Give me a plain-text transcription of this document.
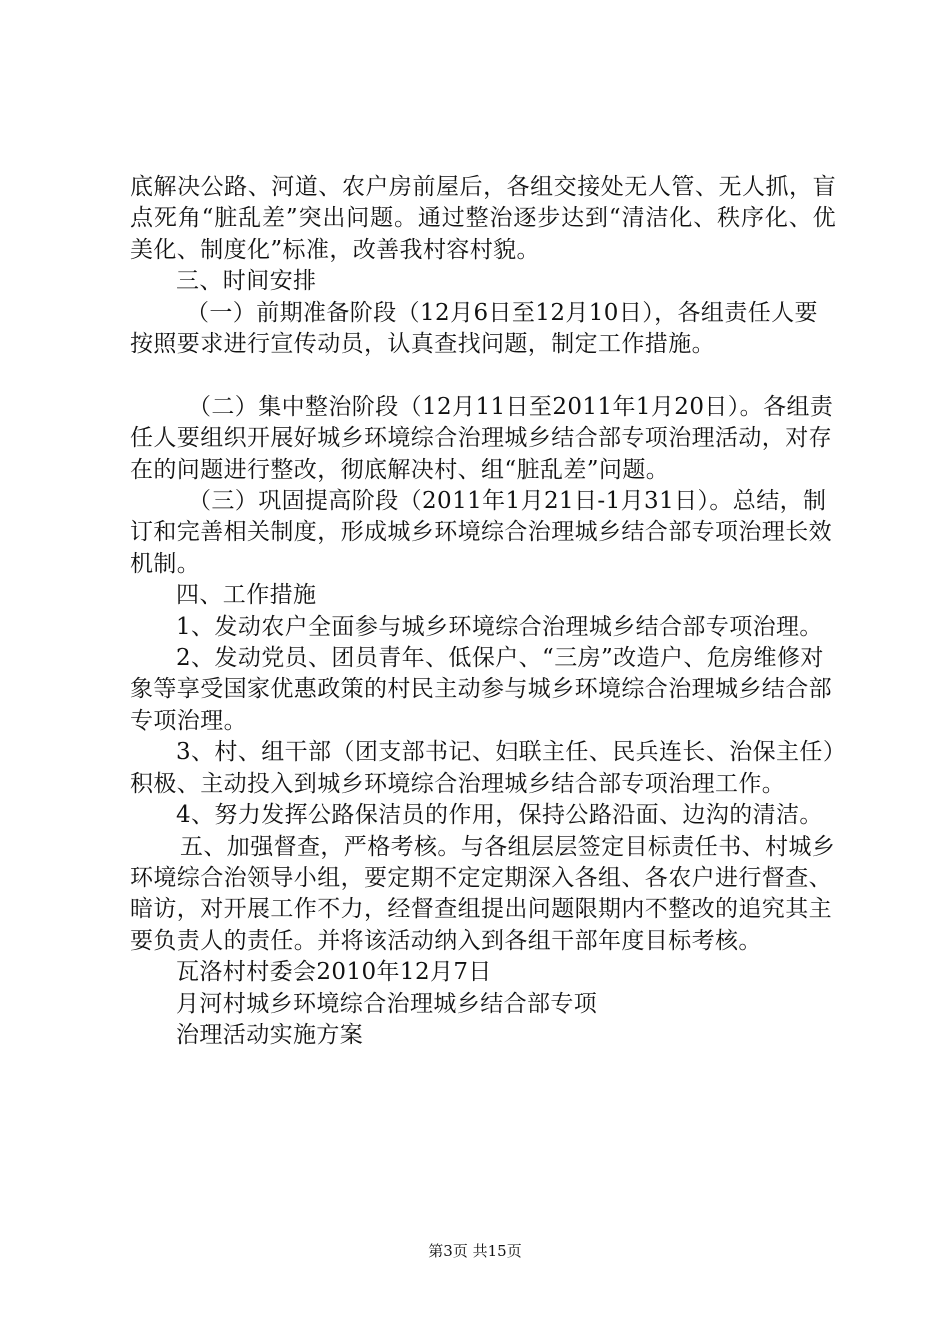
底解决公路、河道、农户房前屋后，各组交接处无人管、无人抓，盲点死角“脏乱差”突出问题。通过整治逐步达到“清洁化、秩序化、优美化、制度化”标准，改善我村容村貌。

三、时间安排

（一）前期准备阶段（12月6日至12月10日），各组责任人要按照要求进行宣传动员，认真查找问题，制定工作措施。

（二）集中整治阶段（12月11日至2011年1月20日）。各组责任人要组织开展好城乡环境综合治理城乡结合部专项治理活动，对存在的问题进行整改，彻底解决村、组“脏乱差”问题。

（三）巩固提高阶段（2011年1月21日-1月31日）。总结，制订和完善相关制度，形成城乡环境综合治理城乡结合部专项治理长效机制。

四、工作措施

1、发动农户全面参与城乡环境综合治理城乡结合部专项治理。

2、发动党员、团员青年、低保户、“三房”改造户、危房维修对象等享受国家优惠政策的村民主动参与城乡环境综合治理城乡结合部专项治理。

3、村、组干部（团支部书记、妇联主任、民兵连长、治保主任）积极、主动投入到城乡环境综合治理城乡结合部专项治理工作。

4、努力发挥公路保洁员的作用，保持公路沿面、边沟的清洁。

五、加强督查，严格考核。与各组层层签定目标责任书、村城乡环境综合治领导小组，要定期不定定期深入各组、各农户进行督查、暗访，对开展工作不力，经督查组提出问题限期内不整改的追究其主要负责人的责任。并将该活动纳入到各组干部年度目标考核。

瓦洛村村委会2010年12月7日

月河村城乡环境综合治理城乡结合部专项

治理活动实施方案

第3页 共15页
